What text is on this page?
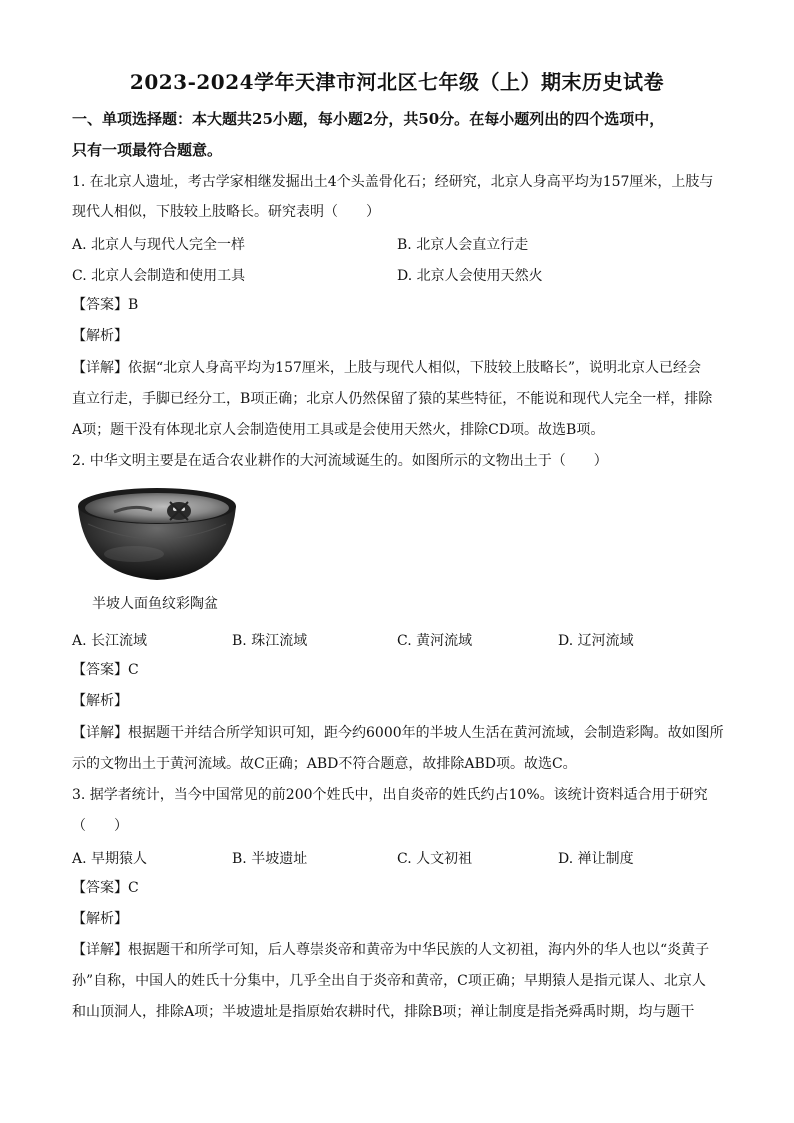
2023-2024学年天津市河北区七年级（上）期末历史试卷
一、单项选择题：本大题共25小题，每小题2分，共50分。在每小题列出的四个选项中，
只有一项最符合题意。
1. 在北京人遗址，考古学家相继发掘出土4个头盖骨化石；经研究，北京人身高平均为157厘米，上肢与
现代人相似，下肢较上肢略长。研究表明（　　）
A. 北京人与现代人完全一样	B. 北京人会直立行走
C. 北京人会制造和使用工具	D. 北京人会使用天然火
【答案】B
【解析】
【详解】依据“北京人身高平均为157厘米，上肢与现代人相似，下肢较上肢略长”，说明北京人已经会
直立行走，手脚已经分工，B项正确；北京人仍然保留了猿的某些特征，不能说和现代人完全一样，排除
A项；题干没有体现北京人会制造使用工具或是会使用天然火，排除CD项。故选B项。
2. 中华文明主要是在适合农业耕作的大河流域诞生的。如图所示的文物出土于（　　）
半坡人面鱼纹彩陶盆
A. 长江流域	B. 珠江流域	C. 黄河流域	D. 辽河流域
【答案】C
【解析】
【详解】根据题干并结合所学知识可知，距今约6000年的半坡人生活在黄河流域，会制造彩陶。故如图所
示的文物出土于黄河流域。故C正确；ABD不符合题意，故排除ABD项。故选C。
3. 据学者统计，当今中国常见的前200个姓氏中，出自炎帝的姓氏约占10%。该统计资料适合用于研究
（　　）
A. 早期猿人	B. 半坡遗址	C. 人文初祖	D. 禅让制度
【答案】C
【解析】
【详解】根据题干和所学可知，后人尊崇炎帝和黄帝为中华民族的人文初祖，海内外的华人也以“炎黄子
孙”自称，中国人的姓氏十分集中，几乎全出自于炎帝和黄帝，C项正确；早期猿人是指元谋人、北京人
和山顶洞人，排除A项；半坡遗址是指原始农耕时代，排除B项；禅让制度是指尧舜禹时期，均与题干
